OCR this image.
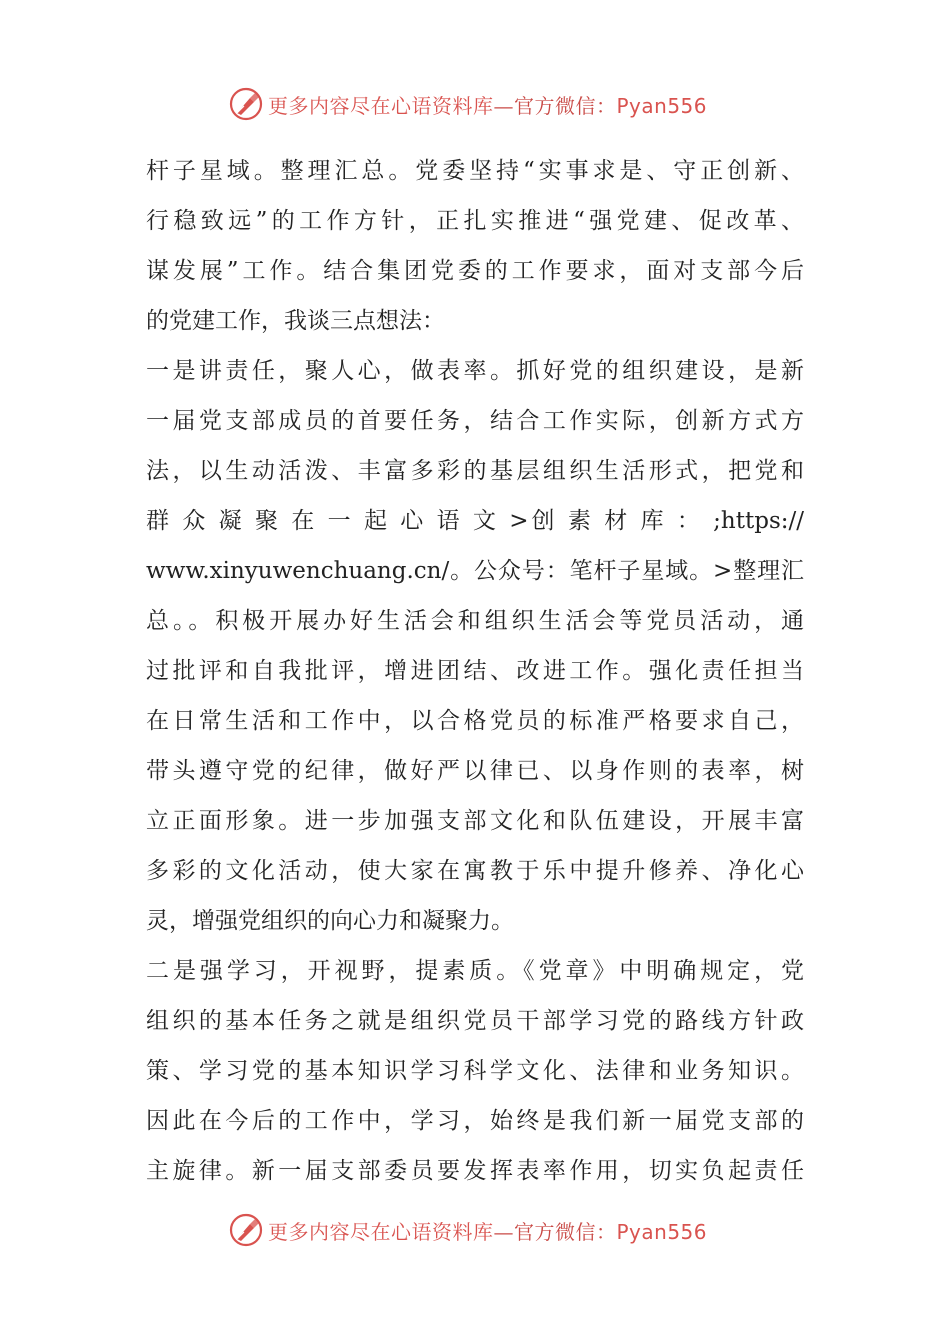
更多内容尽在心语资料库—官方微信：Pyan556
杆子星域。整理汇总。党委坚持“实事求是、守正创新、
行稳致远”的工作方针，正扎实推进“强党建、促改革、
谋发展”工作。结合集团党委的工作要求，面对支部今后
的党建工作，我谈三点想法：
一是讲责任，聚人心，做表率。抓好党的组织建设，是新
一届党支部成员的首要任务，结合工作实际，创新方式方
法，以生动活泼、丰富多彩的基层组织生活形式，把党和
群 众 凝 聚 在 一 起 心 语 文 >创 素 材 库 ： ;https://
www.xinyuwenchuang.cn/。公众号：笔杆子星域。>整理汇
总。。积极开展办好生活会和组织生活会等党员活动，通
过批评和自我批评，增进团结、改进工作。强化责任担当
在日常生活和工作中，以合格党员的标准严格要求自己，
带头遵守党的纪律，做好严以律已、以身作则的表率，树
立正面形象。进一步加强支部文化和队伍建设，开展丰富
多彩的文化活动，使大家在寓教于乐中提升修养、净化心
灵，增强党组织的向心力和凝聚力。
二是强学习，开视野，提素质。《党章》中明确规定，党
组织的基本任务之就是组织党员干部学习党的路线方针政
策、学习党的基本知识学习科学文化、法律和业务知识。
因此在今后的工作中，学习，始终是我们新一届党支部的
主旋律。新一届支部委员要发挥表率作用，切实负起责任
更多内容尽在心语资料库—官方微信：Pyan556
